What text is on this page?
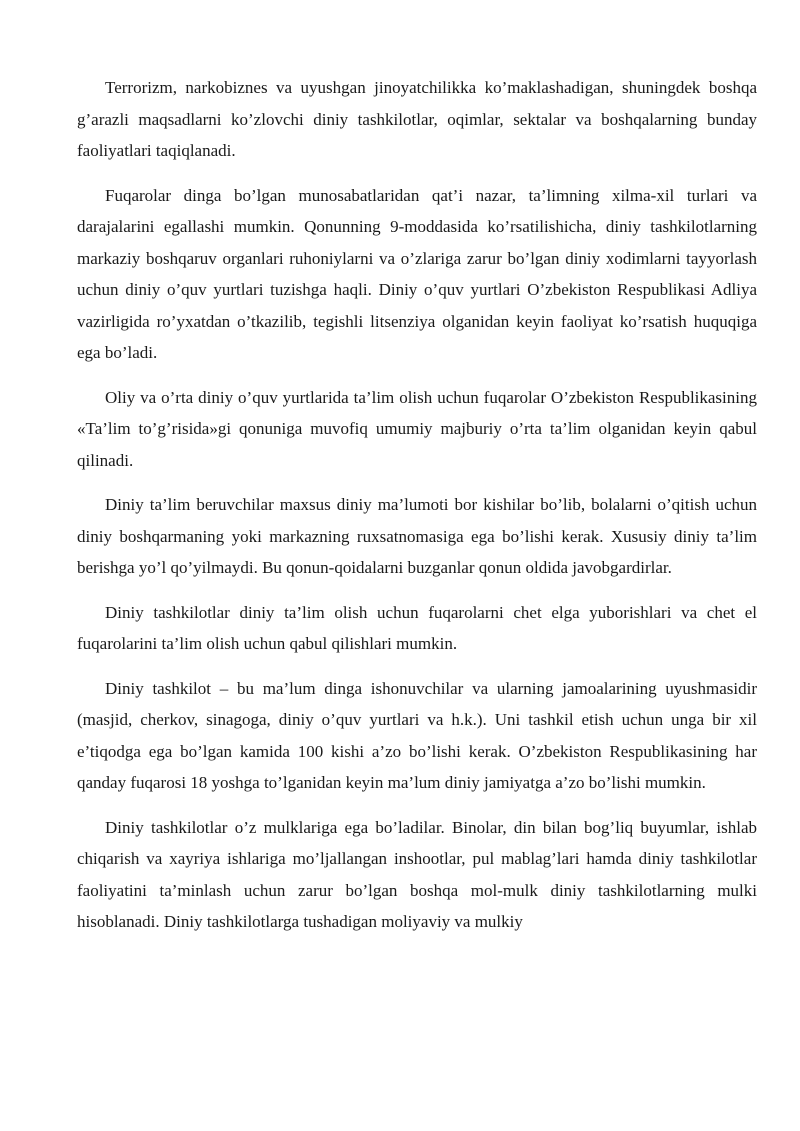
Terrorizm, narkobiznes va uyushgan jinoyatchilikka ko’maklashadigan, shuningdek boshqa g’arazli maqsadlarni ko’zlovchi diniy tashkilotlar, oqimlar, sektalar va boshqalarning bunday faoliyatlari taqiqlanadi.

Fuqarolar dinga bo’lgan munosabatlaridan qat’i nazar, ta’limning xilma-xil turlari va darajalarini egallashi mumkin. Qonunning 9-moddasida ko’rsatilishicha, diniy tashkilotlarning markaziy boshqaruv organlari ruhoniylarni va o’zlariga zarur bo’lgan diniy xodimlarni tayyorlash uchun diniy o’quv yurtlari tuzishga haqli. Diniy o’quv yurtlari O’zbekiston Respublikasi Adliya vazirligida ro’yxatdan o’tkazilib, tegishli litsenziya olganidan keyin faoliyat ko’rsatish huquqiga ega bo’ladi.

Oliy va o’rta diniy o’quv yurtlarida ta’lim olish uchun fuqarolar O’zbekiston Respublikasining «Ta’lim to’g’risida»gi qonuniga muvofiq umumiy majburiy o’rta ta’lim olganidan keyin qabul qilinadi.

Diniy ta’lim beruvchilar maxsus diniy ma’lumoti bor kishilar bo’lib, bolalarni o’qitish uchun diniy boshqarmaning yoki markazning ruxsatnomasiga ega bo’lishi kerak. Xususiy diniy ta’lim berishga yo’l qo’yilmaydi. Bu qonun-qoidalarni buzganlar qonun oldida javobgardirlar.

Diniy tashkilotlar diniy ta’lim olish uchun fuqarolarni chet elga yuborishlari va chet el fuqarolarini ta’lim olish uchun qabul qilishlari mumkin.

Diniy tashkilot – bu ma’lum dinga ishonuvchilar va ularning jamoalarining uyushmasidir (masjid, cherkov, sinagoga, diniy o’quv yurtlari va h.k.). Uni tashkil etish uchun unga bir xil e’tiqodga ega bo’lgan kamida 100 kishi a’zo bo’lishi kerak. O’zbekiston Respublikasining har qanday fuqarosi 18 yoshga to’lganidan keyin ma’lum diniy jamiyatga a’zo bo’lishi mumkin.

Diniy tashkilotlar o’z mulklariga ega bo’ladilar. Binolar, din bilan bog’liq buyumlar, ishlab chiqarish va xayriya ishlariga mo’ljallangan inshootlar, pul mablag’lari hamda diniy tashkilotlar faoliyatini ta’minlash uchun zarur bo’lgan boshqa mol-mulk diniy tashkilotlarning mulki hisoblanadi. Diniy tashkilotlarga tushadigan moliyaviy va mulkiy
